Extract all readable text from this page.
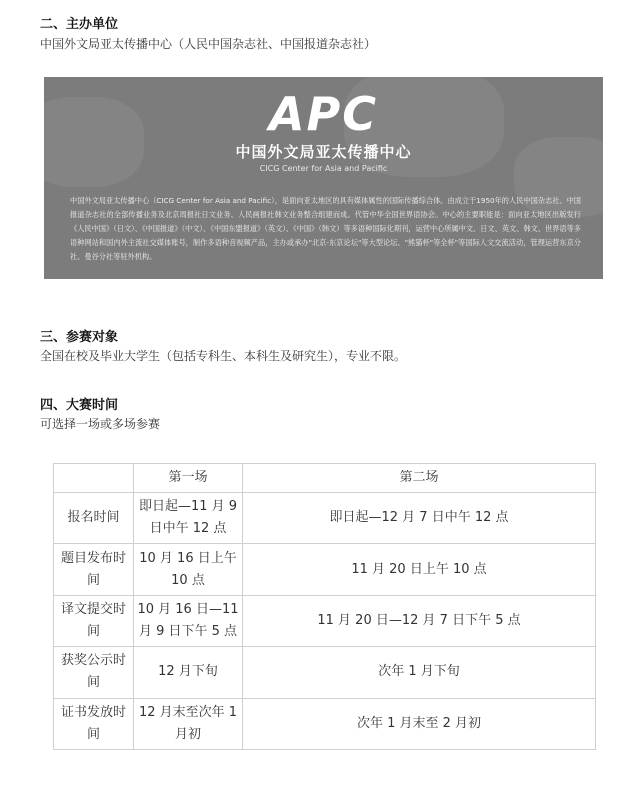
二、主办单位
中国外文局亚太传播中心（人民中国杂志社、中国报道杂志社）
APC
中国外文局亚太传播中心
CICG Center for Asia and Pacific
中国外文局亚太传播中心（CICG Center for Asia and Pacific），是面向亚太地区的具有媒体属性的国际传播综合体。由成立于1950年的人民中国杂志社、中国报道杂志社的全部传播业务及北京周报社日文业务、人民画报社韩文业务整合组建而成。代管中华全国世界语协会。中心的主要职能是：面向亚太地区出版发行《人民中国》（日文）、《中国报道》（中文）、《中国东盟报道》（英文）、《中国》（韩文）等多语种国际化期刊，运营中心所属中文、日文、英文、韩文、世界语等多语种网站和国内外主流社交媒体账号，制作多语种音视频产品，主办或承办"北京-东京论坛"等大型论坛、"熊猫杯"等全杯"等国际人文交流活动，管理运营东京分社、曼谷分社等驻外机构。
三、参赛对象
全国在校及毕业大学生（包括专科生、本科生及研究生），专业不限。
四、大赛时间
可选择一场或多场参赛
	第一场	第二场
报名时间	即日起—11 月 9 日中午 12 点	即日起—12 月 7 日中午 12 点
题目发布时间	10 月 16 日上午 10 点	11 月 20 日上午 10 点
译文提交时间	10 月 16 日—11 月 9 日下午 5 点	11 月 20 日—12 月 7 日下午 5 点
获奖公示时间	12 月下旬	次年 1 月下旬
证书发放时间	12 月末至次年 1 月初	次年 1 月末至 2 月初
